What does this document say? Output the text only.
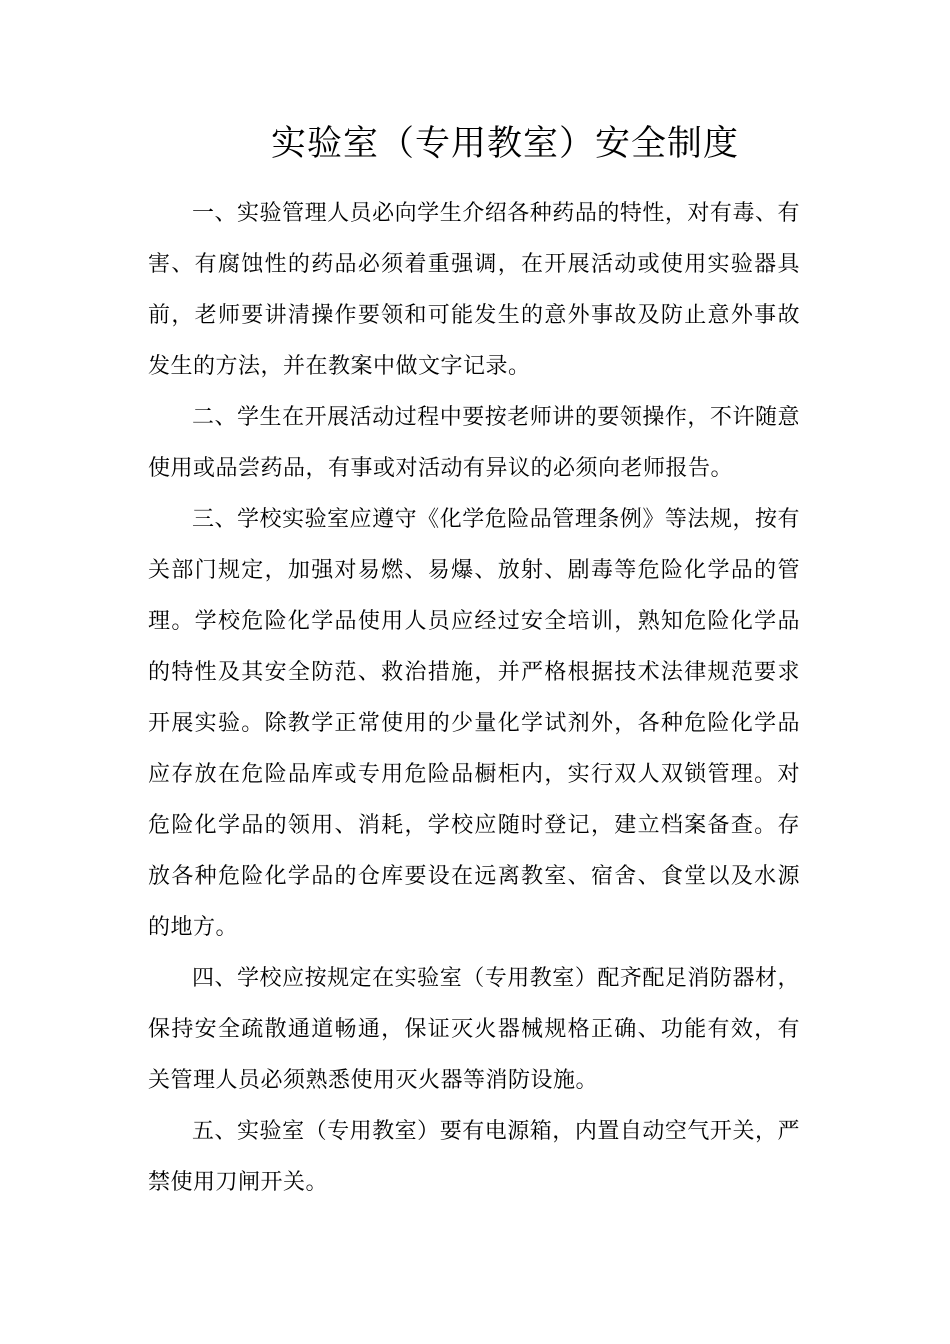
实验室（专用教室）安全制度

一、实验管理人员必向学生介绍各种药品的特性，对有毒、有害、有腐蚀性的药品必须着重强调，在开展活动或使用实验器具前，老师要讲清操作要领和可能发生的意外事故及防止意外事故发生的方法，并在教案中做文字记录。

二、学生在开展活动过程中要按老师讲的要领操作，不许随意使用或品尝药品，有事或对活动有异议的必须向老师报告。

三、学校实验室应遵守《化学危险品管理条例》等法规，按有关部门规定，加强对易燃、易爆、放射、剧毒等危险化学品的管理。学校危险化学品使用人员应经过安全培训，熟知危险化学品的特性及其安全防范、救治措施，并严格根据技术法律规范要求开展实验。除教学正常使用的少量化学试剂外，各种危险化学品应存放在危险品库或专用危险品橱柜内，实行双人双锁管理。对危险化学品的领用、消耗，学校应随时登记，建立档案备查。存放各种危险化学品的仓库要设在远离教室、宿舍、食堂以及水源的地方。

四、学校应按规定在实验室（专用教室）配齐配足消防器材，保持安全疏散通道畅通，保证灭火器械规格正确、功能有效，有关管理人员必须熟悉使用灭火器等消防设施。

五、实验室（专用教室）要有电源箱，内置自动空气开关，严禁使用刀闸开关。
